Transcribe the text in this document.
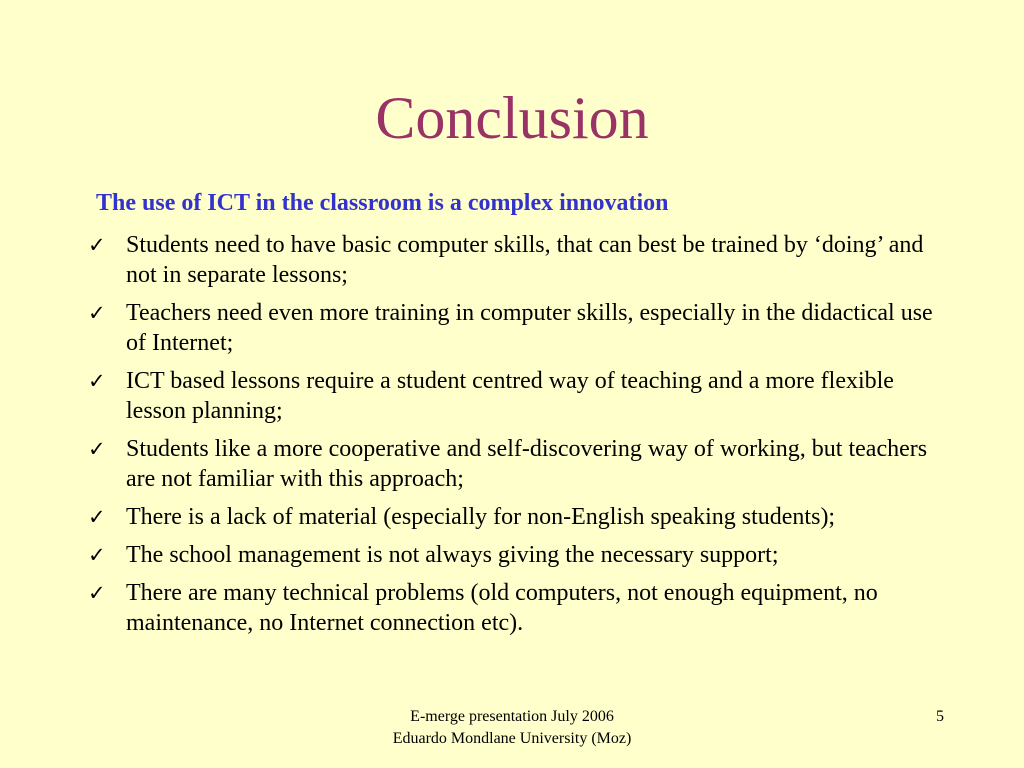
Conclusion
The use of ICT in the classroom is a complex innovation
✓ Students need to have basic computer skills, that can best be trained by ‘doing’ and not in separate lessons;
✓ Teachers need even more training in computer skills, especially in the didactical use of Internet;
✓ ICT based lessons require a student centred way of teaching and a more flexible lesson planning;
✓ Students like a more cooperative and self-discovering way of working, but teachers are not familiar with this approach;
✓ There is a lack of material (especially for non-English speaking students);
✓ The school management is not always giving the necessary support;
✓ There are many technical problems (old computers, not enough equipment, no maintenance, no Internet connection etc).
E-merge presentation July 2006
Eduardo Mondlane University (Moz)
5
